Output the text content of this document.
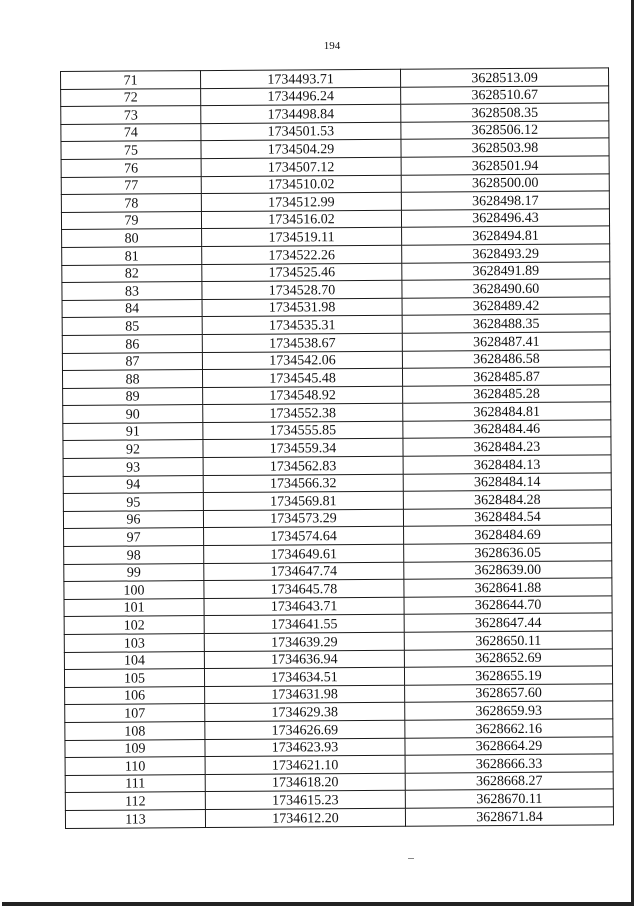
194
71	1734493.71	3628513.09
72	1734496.24	3628510.67
73	1734498.84	3628508.35
74	1734501.53	3628506.12
75	1734504.29	3628503.98
76	1734507.12	3628501.94
77	1734510.02	3628500.00
78	1734512.99	3628498.17
79	1734516.02	3628496.43
80	1734519.11	3628494.81
81	1734522.26	3628493.29
82	1734525.46	3628491.89
83	1734528.70	3628490.60
84	1734531.98	3628489.42
85	1734535.31	3628488.35
86	1734538.67	3628487.41
87	1734542.06	3628486.58
88	1734545.48	3628485.87
89	1734548.92	3628485.28
90	1734552.38	3628484.81
91	1734555.85	3628484.46
92	1734559.34	3628484.23
93	1734562.83	3628484.13
94	1734566.32	3628484.14
95	1734569.81	3628484.28
96	1734573.29	3628484.54
97	1734574.64	3628484.69
98	1734649.61	3628636.05
99	1734647.74	3628639.00
100	1734645.78	3628641.88
101	1734643.71	3628644.70
102	1734641.55	3628647.44
103	1734639.29	3628650.11
104	1734636.94	3628652.69
105	1734634.51	3628655.19
106	1734631.98	3628657.60
107	1734629.38	3628659.93
108	1734626.69	3628662.16
109	1734623.93	3628664.29
110	1734621.10	3628666.33
111	1734618.20	3628668.27
112	1734615.23	3628670.11
113	1734612.20	3628671.84
